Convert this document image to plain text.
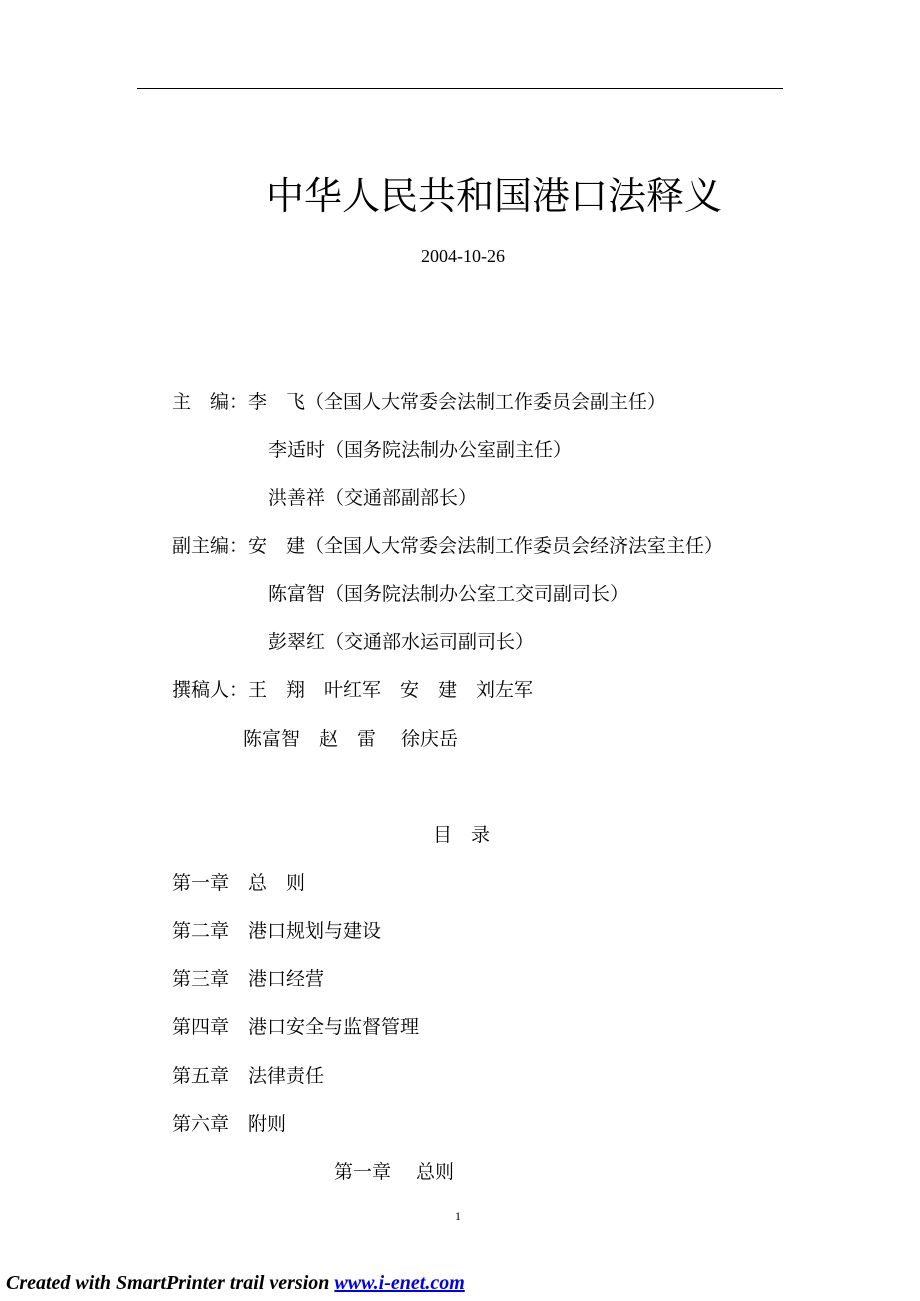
中华人民共和国港口法释义
2004-10-26
主　编：李　飞（全国人大常委会法制工作委员会副主任）
李适时（国务院法制办公室副主任）
洪善祥（交通部副部长）
副主编：安　建（全国人大常委会法制工作委员会经济法室主任）
陈富智（国务院法制办公室工交司副司长）
彭翠红（交通部水运司副司长）
撰稿人：王　翔　叶红军　安　建　刘左军
陈富智　赵　雷　 徐庆岳
目　录
第一章　总　则
第二章　港口规划与建设
第三章　港口经营
第四章　港口安全与监督管理
第五章　法律责任
第六章　附则
第一章　 总则
1
Created with SmartPrinter trail version www.i-enet.com
